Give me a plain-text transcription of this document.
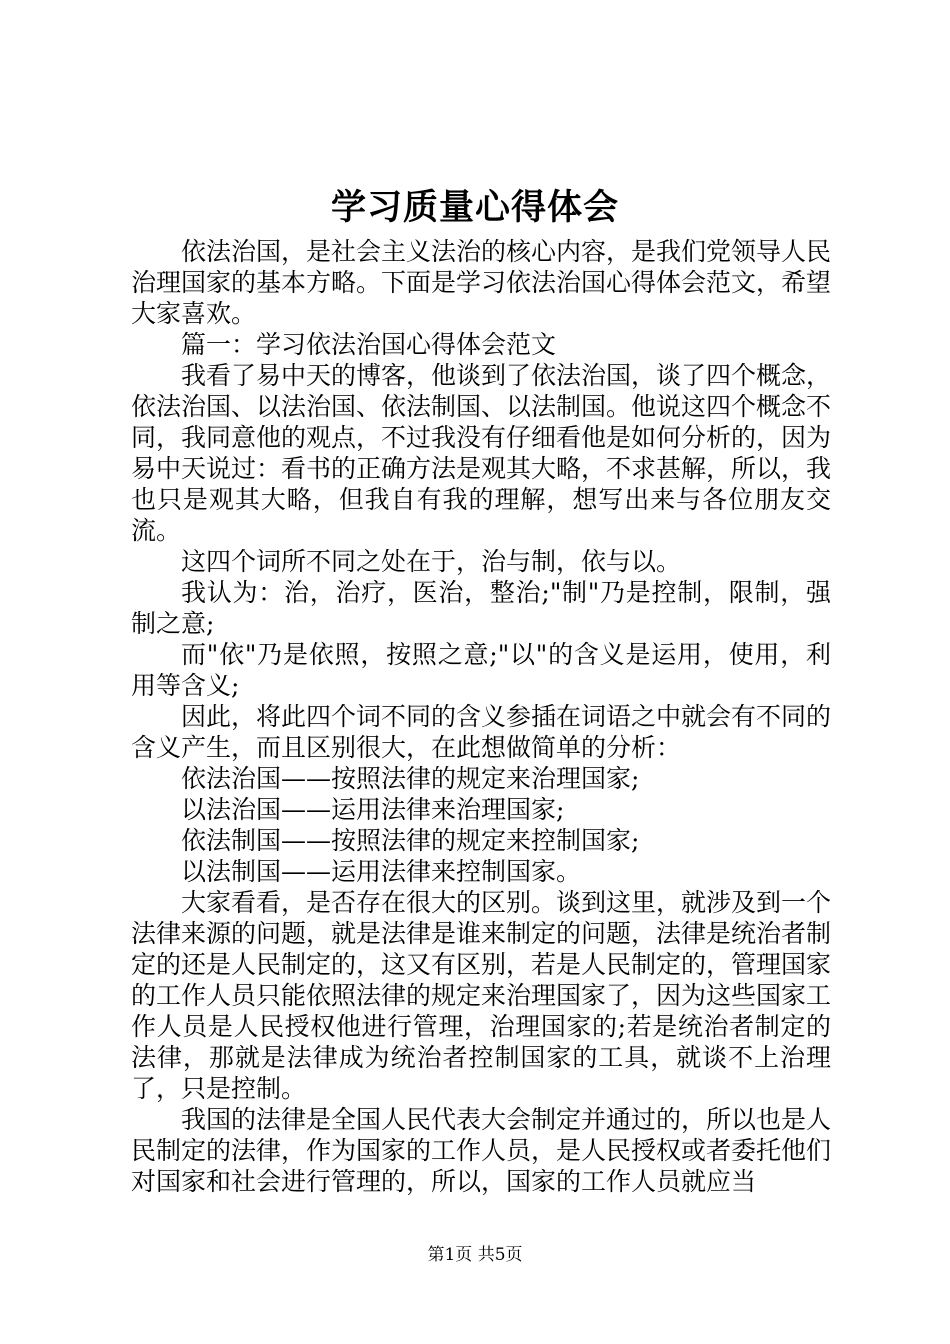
学习质量心得体会

依法治国，是社会主义法治的核心内容，是我们党领导人民治理国家的基本方略。下面是学习依法治国心得体会范文，希望大家喜欢。

篇一：学习依法治国心得体会范文

我看了易中天的博客，他谈到了依法治国，谈了四个概念，依法治国、以法治国、依法制国、以法制国。他说这四个概念不同，我同意他的观点，不过我没有仔细看他是如何分析的，因为易中天说过：看书的正确方法是观其大略，不求甚解，所以，我也只是观其大略，但我自有我的理解，想写出来与各位朋友交流。

这四个词所不同之处在于，治与制，依与以。

我认为：治，治疗，医治，整治;"制"乃是控制，限制，强制之意;

而"依"乃是依照，按照之意;"以"的含义是运用，使用，利用等含义;

因此，将此四个词不同的含义参插在词语之中就会有不同的含义产生，而且区别很大，在此想做简单的分析：

依法治国——按照法律的规定来治理国家;

以法治国——运用法律来治理国家;

依法制国——按照法律的规定来控制国家;

以法制国——运用法律来控制国家。

大家看看，是否存在很大的区别。谈到这里，就涉及到一个法律来源的问题，就是法律是谁来制定的问题，法律是统治者制定的还是人民制定的，这又有区别，若是人民制定的，管理国家的工作人员只能依照法律的规定来治理国家了，因为这些国家工作人员是人民授权他进行管理，治理国家的;若是统治者制定的法律，那就是法律成为统治者控制国家的工具，就谈不上治理了，只是控制。

我国的法律是全国人民代表大会制定并通过的，所以也是人民制定的法律，作为国家的工作人员，是人民授权或者委托他们对国家和社会进行管理的，所以，国家的工作人员就应当

第1页 共5页
